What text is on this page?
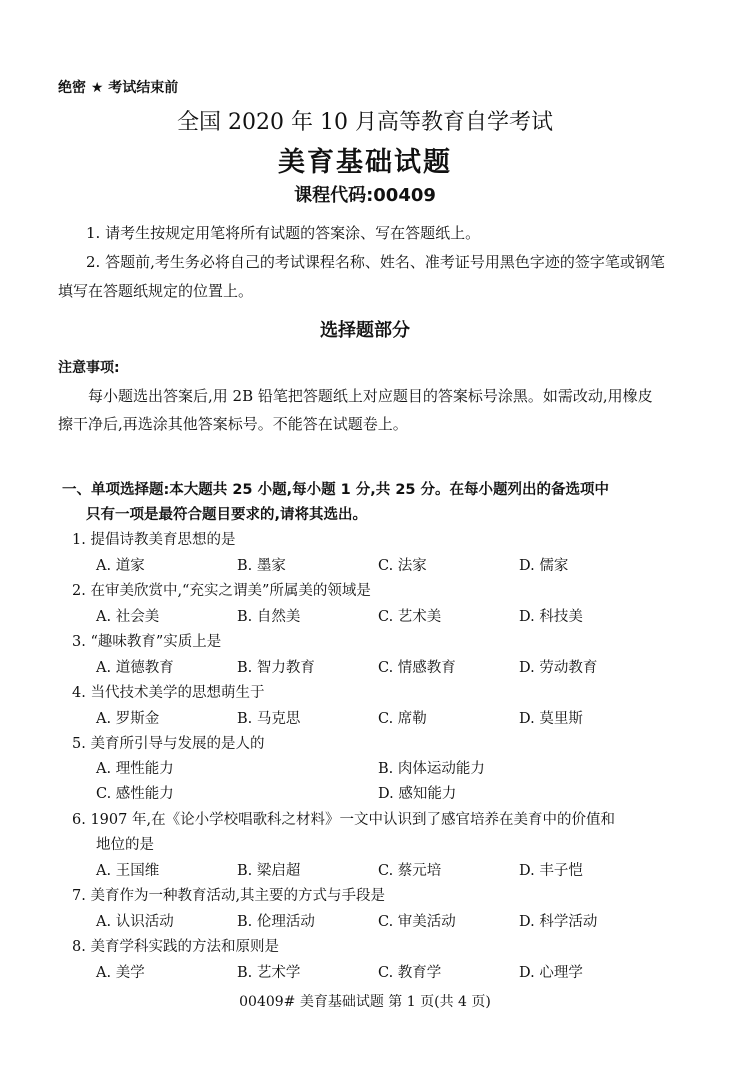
绝密 ★ 考试结束前
全国 2020 年 10 月高等教育自学考试
美育基础试题
课程代码:00409
1. 请考生按规定用笔将所有试题的答案涂、写在答题纸上。
2. 答题前,考生务必将自己的考试课程名称、姓名、准考证号用黑色字迹的签字笔或钢笔
填写在答题纸规定的位置上。
选择题部分
注意事项:
每小题选出答案后,用 2B 铅笔把答题纸上对应题目的答案标号涂黑。如需改动,用橡皮
擦干净后,再选涂其他答案标号。不能答在试题卷上。
一、单项选择题:本大题共 25 小题,每小题 1 分,共 25 分。在每小题列出的备选项中
只有一项是最符合题目要求的,请将其选出。
1. 提倡诗教美育思想的是
A. 道家	B. 墨家	C. 法家	D. 儒家
2. 在审美欣赏中,“充实之谓美”所属美的领域是
A. 社会美	B. 自然美	C. 艺术美	D. 科技美
3. “趣味教育”实质上是
A. 道德教育	B. 智力教育	C. 情感教育	D. 劳动教育
4. 当代技术美学的思想萌生于
A. 罗斯金	B. 马克思	C. 席勒	D. 莫里斯
5. 美育所引导与发展的是人的
A. 理性能力	B. 肉体运动能力
C. 感性能力	D. 感知能力
6. 1907 年,在《论小学校唱歌科之材料》一文中认识到了感官培养在美育中的价值和
地位的是
A. 王国维	B. 梁启超	C. 蔡元培	D. 丰子恺
7. 美育作为一种教育活动,其主要的方式与手段是
A. 认识活动	B. 伦理活动	C. 审美活动	D. 科学活动
8. 美育学科实践的方法和原则是
A. 美学	B. 艺术学	C. 教育学	D. 心理学
00409# 美育基础试题 第 1 页(共 4 页)
